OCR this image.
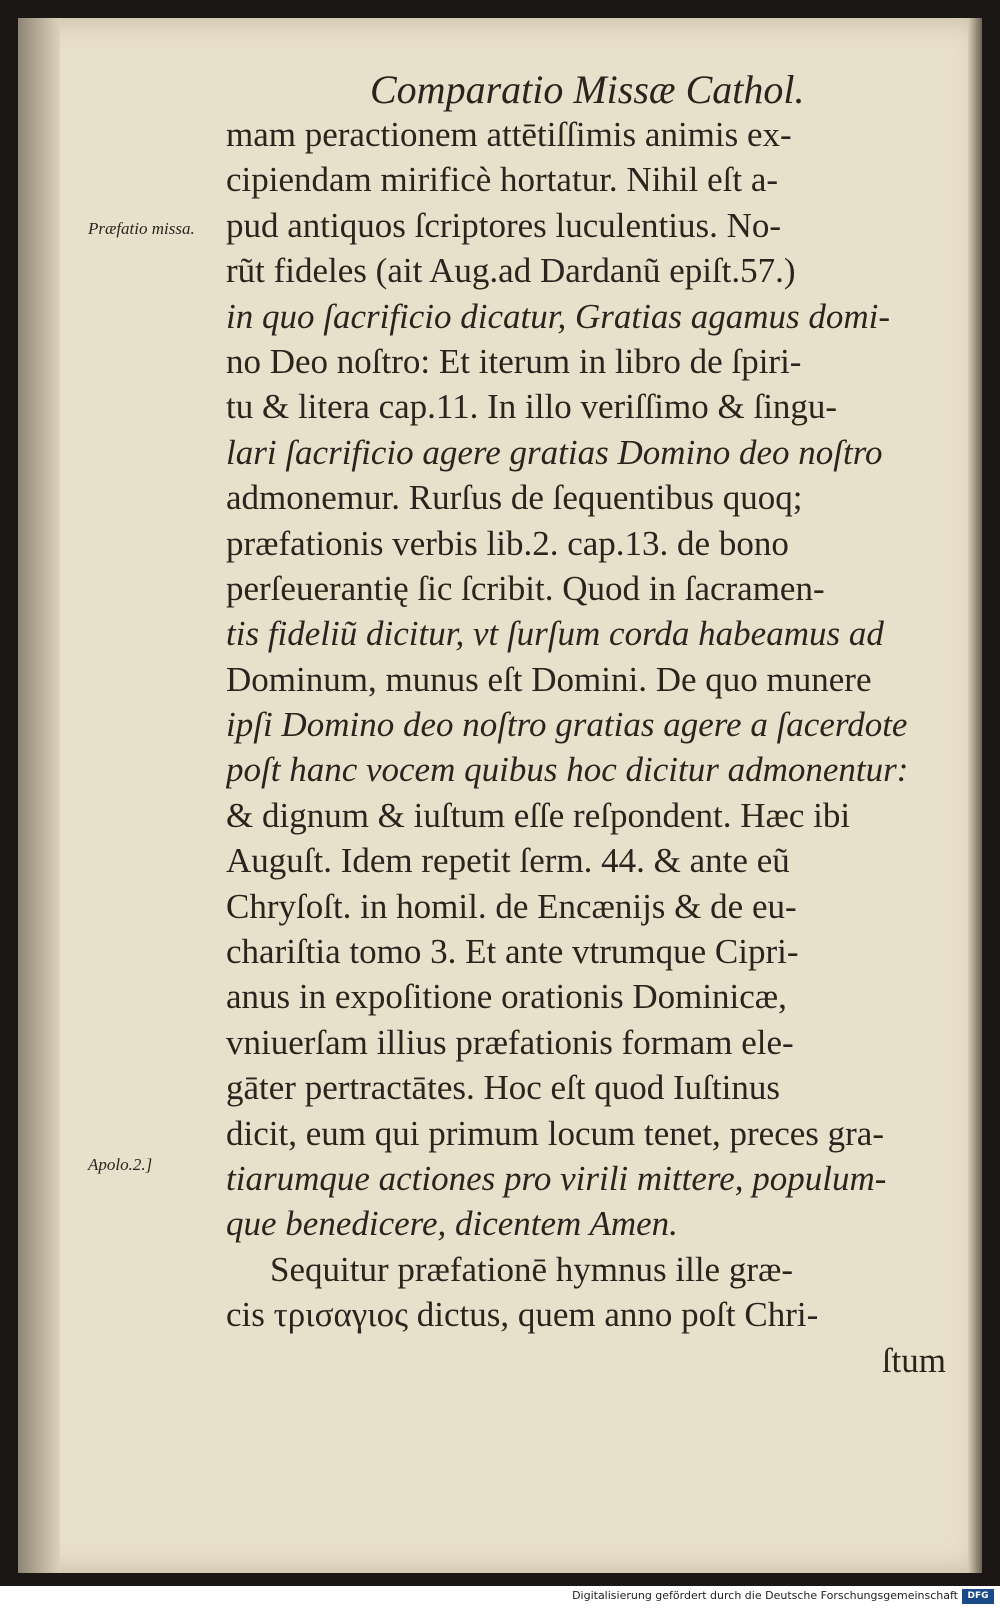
Comparatio Missæ Cathol.
Præfatio missa.
Apolo.2.]
mam peractionem attētiſſimis animis ex-
cipiendam mirificè hortatur. Nihil eſt a-
pud antiquos ſcriptores luculentius. No-
rũt fideles (ait Aug.ad Dardanũ epiſt.57.)
in quo ſacrificio dicatur, Gratias agamus domi-
no Deo noſtro: Et iterum in libro de ſpiri-
tu & litera cap.11. In illo veriſſimo & ſingu-
lari ſacrificio agere gratias Domino deo noſtro
admonemur. Rurſus de ſequentibus quoq;
præfationis verbis lib.2. cap.13. de bono
perſeuerantię ſic ſcribit. Quod in ſacramen-
tis fideliũ dicitur, vt ſurſum corda habeamus ad
Dominum, munus eſt Domini. De quo munere
ipſi Domino deo noſtro gratias agere a ſacerdote
poſt hanc vocem quibus hoc dicitur admonentur:
& dignum & iuſtum eſſe reſpondent. Hæc ibi
Auguſt. Idem repetit ſerm. 44. & ante eũ
Chryſoſt. in homil. de Encænijs & de eu-
chariſtia tomo 3. Et ante vtrumque Cipri-
anus in expoſitione orationis Dominicæ,
vniuerſam illius præfationis formam ele-
gāter pertractātes. Hoc eſt quod Iuſtinus
dicit, eum qui primum locum tenet, preces gra-
tiarumque actiones pro virili mittere, populum-
que benedicere, dicentem Amen.
Sequitur præfationē hymnus ille græ-
cis τρισαγιος dictus, quem anno poſt Chri-
ſtum
Digitalisierung gefördert durch die Deutsche Forschungsgemeinschaft	DFG
